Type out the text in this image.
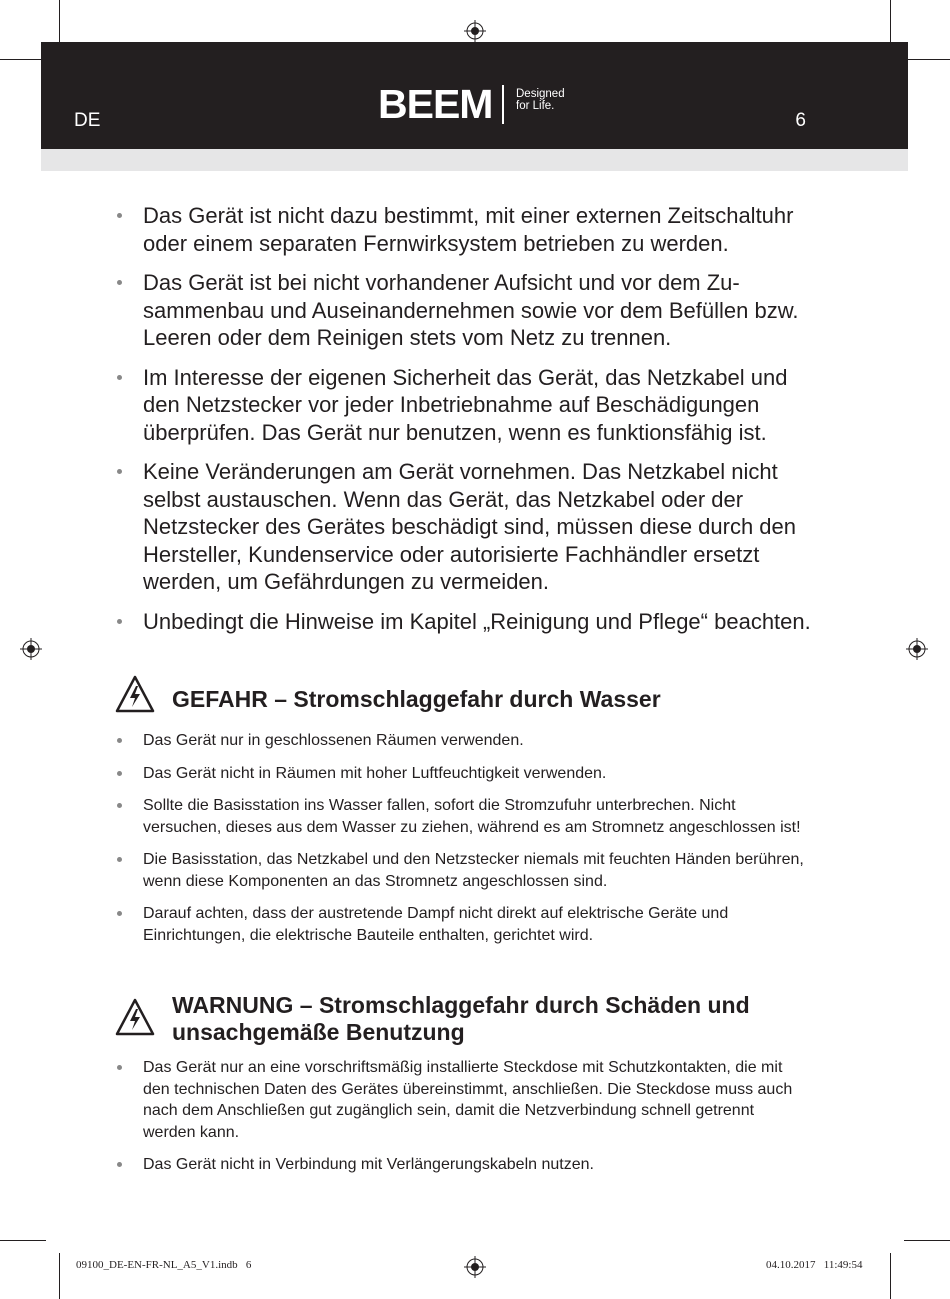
DE	BEEM Designed
for Life.
6
Das Gerät ist nicht dazu bestimmt, mit einer externen Zeitschaltuhr oder einem separaten Fernwirksystem betrieben zu werden.
Das Gerät ist bei nicht vorhandener Aufsicht und vor dem Zusammenbau und Auseinandernehmen sowie vor dem Befüllen bzw. Leeren oder dem Reinigen stets vom Netz zu trennen.
Im Interesse der eigenen Sicherheit das Gerät, das Netzkabel und den Netzstecker vor jeder Inbetriebnahme auf Beschädigungen überprüfen. Das Gerät nur benutzen, wenn es funktionsfähig ist.
Keine Veränderungen am Gerät vornehmen. Das Netzkabel nicht selbst austauschen. Wenn das Gerät, das Netzkabel oder der Netzstecker des Gerätes beschädigt sind, müssen diese durch den Hersteller, Kundenservice oder autorisierte Fachhändler ersetzt werden, um Gefährdungen zu vermeiden.
Unbedingt die Hinweise im Kapitel „Reinigung und Pflege“ beachten.
GEFAHR – Stromschlaggefahr durch Wasser
Das Gerät nur in geschlossenen Räumen verwenden.
Das Gerät nicht in Räumen mit hoher Luftfeuchtigkeit verwenden.
Sollte die Basisstation ins Wasser fallen, sofort die Stromzufuhr unterbrechen. Nicht versuchen, dieses aus dem Wasser zu ziehen, während es am Stromnetz angeschlossen ist!
Die Basisstation, das Netzkabel und den Netzstecker niemals mit feuchten Händen berühren, wenn diese Komponenten an das Stromnetz angeschlossen sind.
Darauf achten, dass der austretende Dampf nicht direkt auf elektrische Geräte und Einrichtungen, die elektrische Bauteile enthalten, gerichtet wird.
WARNUNG – Stromschlaggefahr durch Schäden und
unsachgemäße Benutzung
Das Gerät nur an eine vorschriftsmäßig installierte Steckdose mit Schutzkontakten, die mit den technischen Daten des Gerätes übereinstimmt, anschließen. Die Steckdose muss auch nach dem Anschließen gut zugänglich sein, damit die Netzverbindung schnell getrennt werden kann.
Das Gerät nicht in Verbindung mit Verlängerungskabeln nutzen.
09100_DE-EN-FR-NL_A5_V1.indb   6	04.10.2017   11:49:54
